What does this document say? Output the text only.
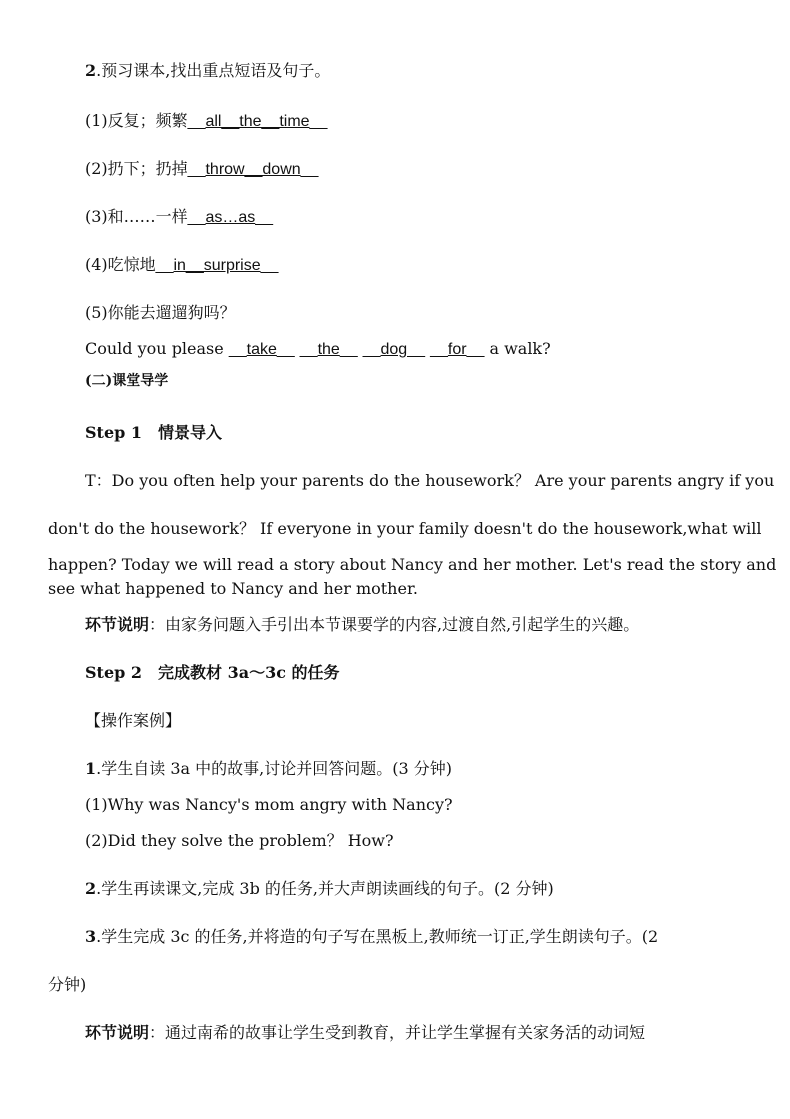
2.预习课本,找出重点短语及句子。
(1)反复；频繁__all__the__time__
(2)扔下；扔掉__throw__down__
(3)和……一样__as…as__
(4)吃惊地__in__surprise__
(5)你能去遛遛狗吗？
Could you please __take__ __the__ __dog__ __for__ a walk?
(二)课堂导学
Step 1　情景导入
T：Do you often help your parents do the housework？ Are your parents angry if you
don't do the housework？ If everyone in your family doesn't do the housework,what will
happen? Today we will read a story about Nancy and her mother. Let's read the story and
see what happened to Nancy and her mother.
环节说明：由家务问题入手引出本节课要学的内容,过渡自然,引起学生的兴趣。
Step 2　完成教材 3a～3c 的任务
【操作案例】
1.学生自读 3a 中的故事,讨论并回答问题。(3 分钟)
(1)Why was Nancy's mom angry with Nancy?
(2)Did they solve the problem？ How?
2.学生再读课文,完成 3b 的任务,并大声朗读画线的句子。(2 分钟)
3.学生完成 3c 的任务,并将造的句子写在黑板上,教师统一订正,学生朗读句子。(2
分钟)
环节说明：通过南希的故事让学生受到教育，并让学生掌握有关家务活的动词短
